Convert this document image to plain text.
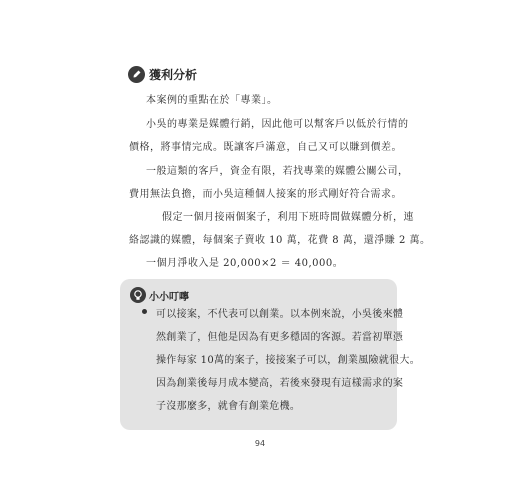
獲利分析
本案例的重點在於「專業」。
小吳的專業是媒體行銷，因此他可以幫客戶以低於行情的
價格，將事情完成。既讓客戶滿意，自己又可以賺到價差。
一般這類的客戶，資金有限，若找專業的媒體公關公司，
費用無法負擔，而小吳這種個人接案的形式剛好符合需求。
假定一個月接兩個案子，利用下班時間做媒體分析，連
絡認識的媒體，每個案子賣收 10 萬，花費 8 萬，還淨賺 2 萬。
一個月淨收入是 20,000×2 ＝ 40,000。
小小叮嚀
可以接案，不代表可以創業。以本例來說，小吳後來體
然創業了，但他是因為有更多穩固的客源。若當初單憑
操作每家 10萬的案子，接接案子可以，創業風險就很大。
因為創業後每月成本變高，若後來發現有這樣需求的案
子沒那麼多，就會有創業危機。
94
